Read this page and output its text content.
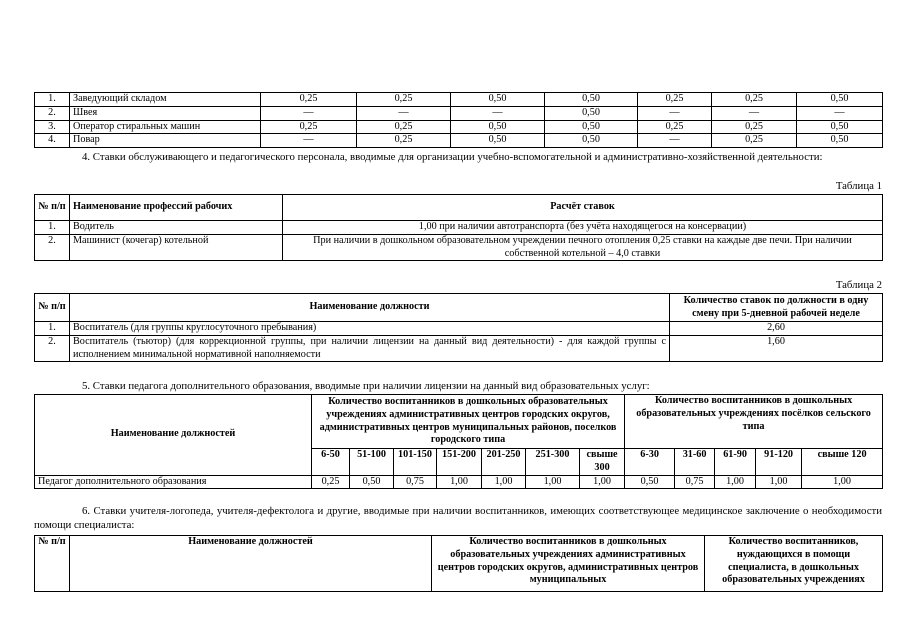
1.	Заведующий складом	0,25	0,25	0,50	0,50	0,25	0,25	0,50
2.	Швея	—	—	—	0,50	—	—	—
3.	Оператор стиральных машин	0,25	0,25	0,50	0,50	0,25	0,25	0,50
4.	Повар	—	0,25	0,50	0,50	—	0,25	0,50
4. Ставки обслуживающего и педагогического персонала, вводимые для организации учебно-вспомогательной и административно-хозяйственной деятельности:
Таблица 1
№ п/п	Наименование профессий рабочих	Расчёт ставок
1.	Водитель	1,00 при наличии автотранспорта (без учёта находящегося на консервации)
2.	Машинист (кочегар) котельной	При наличии в дошкольном образовательном учреждении печного отопления 0,25 ставки на каждые две печи. При наличии собственной котельной – 4,0 ставки
Таблица 2
№ п/п	Наименование должности	Количество ставок по должности в одну смену при 5-дневной рабочей неделе
1.	Воспитатель (для группы круглосуточного пребывания)	2,60
2.	Воспитатель (тьютор) (для коррекционной группы, при наличии лицензии на данный вид деятельности) - для каждой группы с исполнением минимальной нормативной наполняемости	1,60
5. Ставки педагога дополнительного образования, вводимые при наличии лицензии на данный вид образовательных услуг:
Наименование должностей	Количество воспитанников в дошкольных образовательных учреждениях административных центров городских округов, административных центров муниципальных районов, поселков городского типа							Количество воспитанников в дошкольных образовательных учреждениях посёлков сельского типа				
	6-50	51-100	101-150	151-200	201-250	251-300	свыше 300	6-30	31-60	61-90	91-120	свыше 120
Педагог дополнительного образования	0,25	0,50	0,75	1,00	1,00	1,00	1,00	0,50	0,75	1,00	1,00	1,00
6. Ставки учителя-логопеда, учителя-дефектолога и другие, вводимые при наличии воспитанников, имеющих соответствующее медицинское заключение о необходимости помощи специалиста:
№ п/п	Наименование должностей	Количество воспитанников в дошкольных образовательных учреждениях административных центров городских округов, административных центров муниципальных	Количество воспитанников, нуждающихся в помощи специалиста, в дошкольных образовательных учреждениях
